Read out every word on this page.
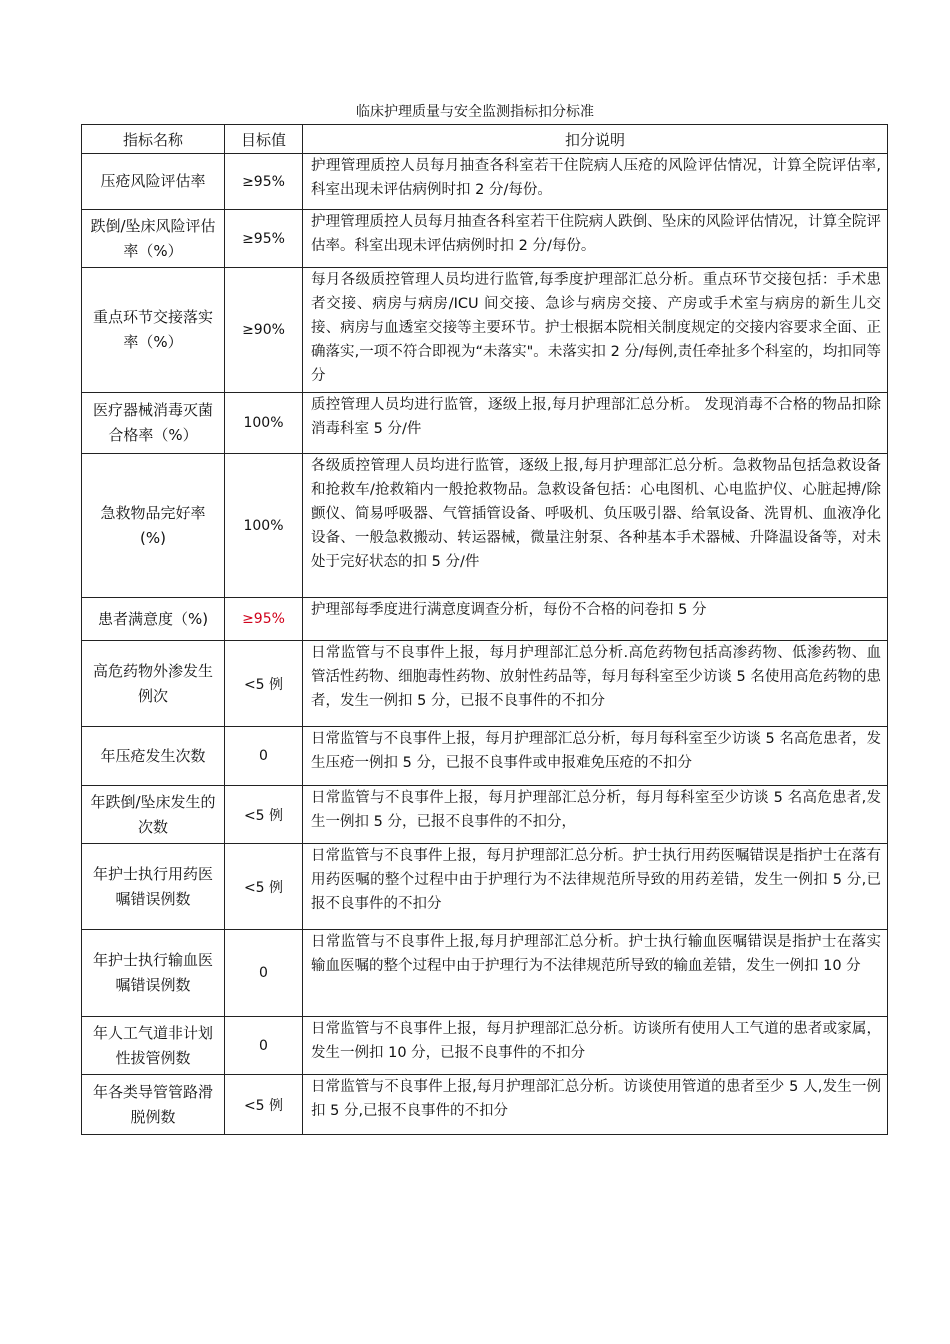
临床护理质量与安全监测指标扣分标准
指标名称	目标值	扣分说明
压疮风险评估率	≥95%	护理管理质控人员每月抽查各科室若干住院病人压疮的风险评估情况，计算全院评估率,科室出现未评估病例时扣 2 分/每份。
跌倒/坠床风险评估率（%）	≥95%	护理管理质控人员每月抽查各科室若干住院病人跌倒、坠床的风险评估情况，计算全院评估率。科室出现未评估病例时扣 2 分/每份。
重点环节交接落实率（%）	≥90%	每月各级质控管理人员均进行监管,每季度护理部汇总分析。重点环节交接包括：手术患者交接、病房与病房/ICU 间交接、急诊与病房交接、产房或手术室与病房的新生儿交接、病房与血透室交接等主要环节。护士根据本院相关制度规定的交接内容要求全面、正确落实,一项不符合即视为“未落实"。未落实扣 2 分/每例,责任牵扯多个科室的，均扣同等分
医疗器械消毒灭菌合格率（%）	100%	质控管理人员均进行监管，逐级上报,每月护理部汇总分析。 发现消毒不合格的物品扣除消毒科室 5 分/件
急救物品完好率(%)	100%	各级质控管理人员均进行监管，逐级上报,每月护理部汇总分析。急救物品包括急救设备和抢救车/抢救箱内一般抢救物品。急救设备包括：心电图机、心电监护仪、心脏起搏/除颤仪、简易呼吸器、气管插管设备、呼吸机、负压吸引器、给氧设备、洗胃机、血液净化设备、一般急救搬动、转运器械，微量注射泵、各种基本手术器械、升降温设备等，对未处于完好状态的扣 5 分/件
患者满意度（%)	≥95%	护理部每季度进行满意度调查分析，每份不合格的问卷扣 5 分
高危药物外渗发生例次	<5 例	日常监管与不良事件上报，每月护理部汇总分析.高危药物包括高渗药物、低渗药物、血管活性药物、细胞毒性药物、放射性药品等，每月每科室至少访谈 5 名使用高危药物的患者，发生一例扣 5 分，已报不良事件的不扣分
年压疮发生次数	0	日常监管与不良事件上报，每月护理部汇总分析，每月每科室至少访谈 5 名高危患者，发生压疮一例扣 5 分，已报不良事件或申报难免压疮的不扣分
年跌倒/坠床发生的次数	<5 例	日常监管与不良事件上报，每月护理部汇总分析，每月每科室至少访谈 5 名高危患者,发生一例扣 5 分，已报不良事件的不扣分，
年护士执行用药医嘱错误例数	<5 例	日常监管与不良事件上报，每月护理部汇总分析。护士执行用药医嘱错误是指护士在落有用药医嘱的整个过程中由于护理行为不法律规范所导致的用药差错，发生一例扣 5 分,已报不良事件的不扣分
年护士执行输血医嘱错误例数	0	日常监管与不良事件上报,每月护理部汇总分析。护士执行输血医嘱错误是指护士在落实输血医嘱的整个过程中由于护理行为不法律规范所导致的输血差错，发生一例扣 10 分
年人工气道非计划性拔管例数	0	日常监管与不良事件上报，每月护理部汇总分析。访谈所有使用人工气道的患者或家属，发生一例扣 10 分，已报不良事件的不扣分
年各类导管管路滑脱例数	<5 例	日常监管与不良事件上报,每月护理部汇总分析。访谈使用管道的患者至少 5 人,发生一例扣 5 分,已报不良事件的不扣分
